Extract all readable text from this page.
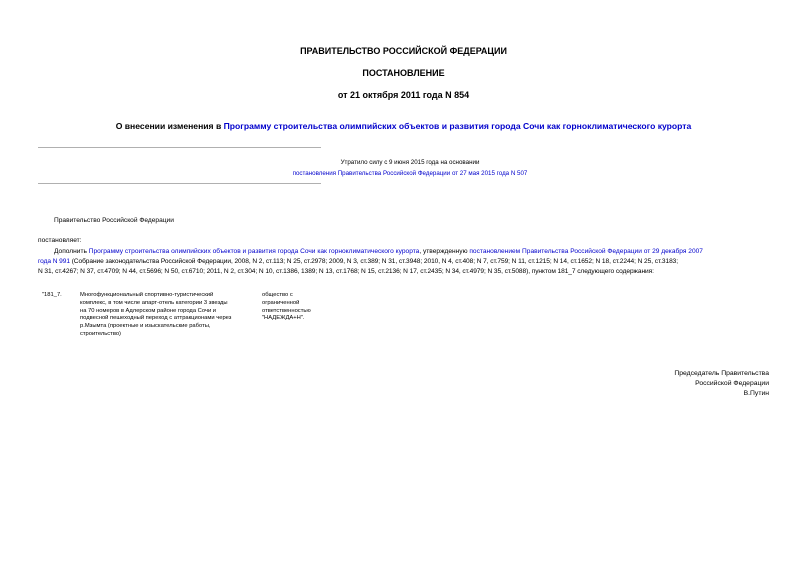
ПРАВИТЕЛЬСТВО РОССИЙСКОЙ ФЕДЕРАЦИИ
ПОСТАНОВЛЕНИЕ
от 21 октября 2011 года N 854
О внесении изменения в Программу строительства олимпийских объектов и развития города Сочи как горноклиматического курорта
Утратило силу с 9 июня 2015 года на основании
постановления Правительства Российской Федерации от 27 мая 2015 года N 507
Правительство Российской Федерации
постановляет:
Дополнить Программу строительства олимпийских объектов и развития города Сочи как горноклиматического курорта, утвержденную постановлением Правительства Российской Федерации от 29 декабря 2007
года N 991 (Собрание законодательства Российской Федерации, 2008, N 2, ст.113; N 25, ст.2978; 2009, N 3, ст.389; N 31, ст.3948; 2010, N 4, ст.408; N 7, ст.759; N 11, ст.1215; N 14, ст.1652; N 18, ст.2244; N 25, ст.3183;
N 31, ст.4267; N 37, ст.4709; N 44, ст.5696; N 50, ст.6710; 2011, N 2, ст.304; N 10, ст.1386, 1389; N 13, ст.1768; N 15, ст.2136; N 17, ст.2435; N 34, ст.4979; N 35, ст.5088), пунктом 181_7 следующего содержания:
"181_7.	Многофункциональный спортивно-туристический
комплекс, в том числе апарт-отель категории 3 звезды
на 70 номеров в Адлерском районе города Сочи и
подвесной пешеходный переход с аттракционами через
р.Мзымта (проектные и изыскательские работы,
строительство)
общество с
ограниченной
ответственностью
"НАДЕЖДА+Н".
Председатель Правительства
Российской Федерации
В.Путин
